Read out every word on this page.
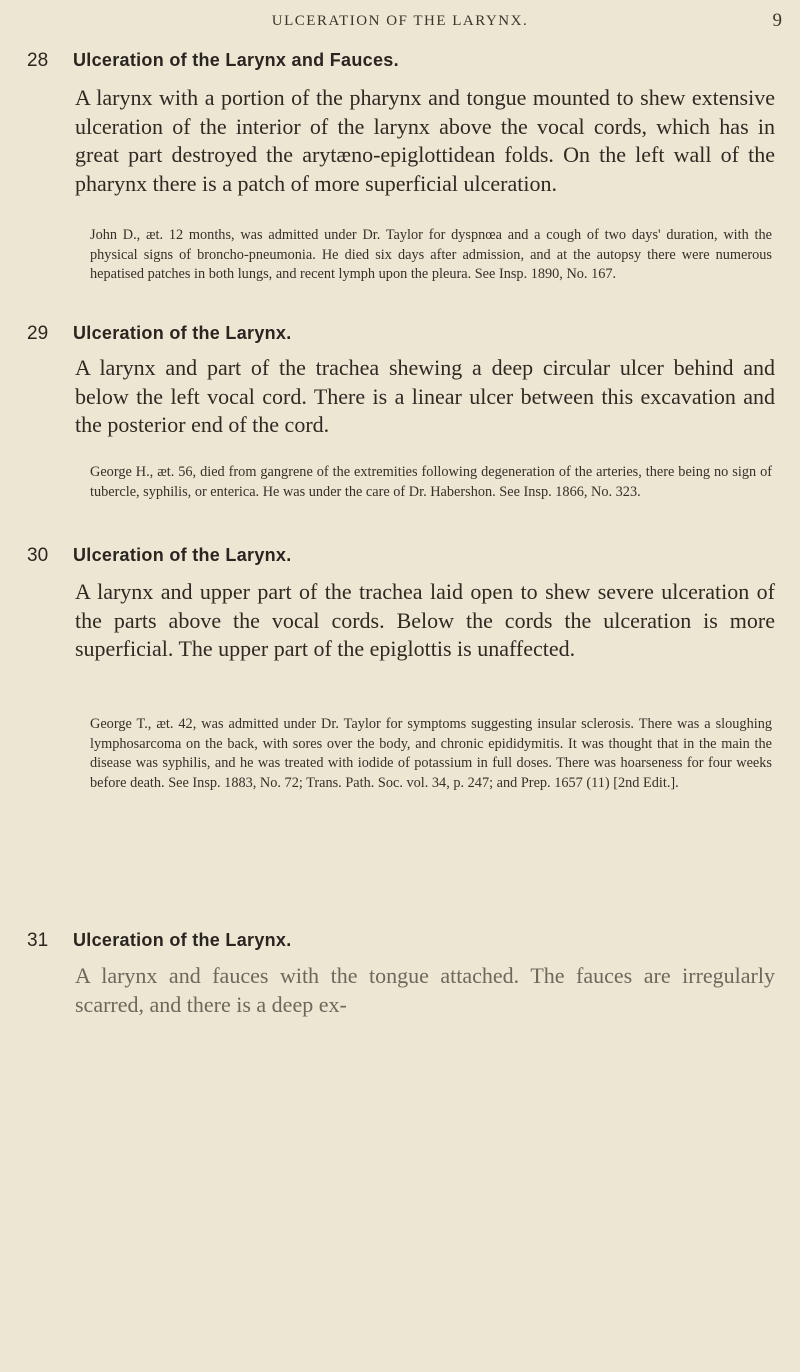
ULCERATION OF THE LARYNX.	9
28 Ulceration of the Larynx and Fauces.

A larynx with a portion of the pharynx and tongue mounted to shew extensive ulceration of the interior of the larynx above the vocal cords, which has in great part destroyed the arytæno-epiglottidean folds. On the left wall of the pharynx there is a patch of more superficial ulceration.

John D., æt. 12 months, was admitted under Dr. Taylor for dyspnœa and a cough of two days' duration, with the physical signs of broncho-pneumonia. He died six days after admission, and at the autopsy there were numerous hepatised patches in both lungs, and recent lymph upon the pleura. See Insp. 1890, No. 167.

29 Ulceration of the Larynx.

A larynx and part of the trachea shewing a deep circular ulcer behind and below the left vocal cord. There is a linear ulcer between this excavation and the posterior end of the cord.

George H., æt. 56, died from gangrene of the extremities following degeneration of the arteries, there being no sign of tubercle, syphilis, or enterica. He was under the care of Dr. Habershon. See Insp. 1866, No. 323.

30 Ulceration of the Larynx.

A larynx and upper part of the trachea laid open to shew severe ulceration of the parts above the vocal cords. Below the cords the ulceration is more superficial. The upper part of the epiglottis is unaffected.

George T., æt. 42, was admitted under Dr. Taylor for symptoms suggesting insular sclerosis. There was a sloughing lymphosarcoma on the back, with sores over the body, and chronic epididymitis. It was thought that in the main the disease was syphilis, and he was treated with iodide of potassium in full doses. There was hoarseness for four weeks before death. See Insp. 1883, No. 72; Trans. Path. Soc. vol. 34, p. 247; and Prep. 1657 (11) [2nd Edit.].

31 Ulceration of the Larynx.

A larynx and fauces with the tongue attached. The fauces are irregularly scarred, and there is a deep ex-
